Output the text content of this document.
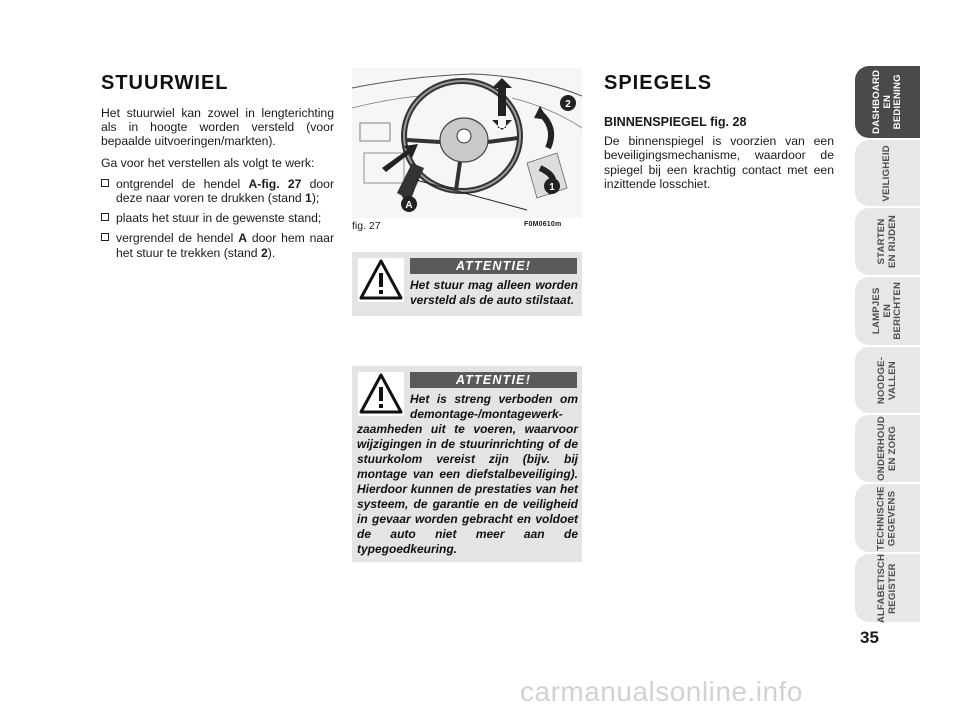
STUURWIEL

Het stuurwiel kan zowel in lengterichting als in hoogte worden versteld (voor bepaalde uitvoeringen/markten).

Ga voor het verstellen als volgt te werk:

ontgrendel de hendel A-fig. 27 door deze naar voren te drukken (stand 1);
plaats het stuur in de gewenste stand;
vergrendel de hendel A door hem naar het stuur te trekken (stand 2).
A
1
2
fig. 27	F0M0610m
ATTENTIE!
Het stuur mag alleen worden versteld als de auto stilstaat.
ATTENTIE!
Het is streng verboden om demontage-/montagewerk-
zaamheden uit te voeren, waarvoor wijzigingen in de stuurinrichting of de stuurkolom vereist zijn (bijv. bij montage van een diefstalbeveiliging). Hierdoor kunnen de prestaties van het systeem, de garantie en de veiligheid in gevaar worden gebracht en voldoet de auto niet meer aan de typegoedkeuring.
SPIEGELS

BINNENSPIEGEL fig. 28

De binnenspiegel is voorzien van een beveiligingsmechanisme, waardoor de spiegel bij een krachtig contact met een inzittende losschiet.

DASHBOARD
EN BEDIENING
VEILIGHEID
STARTEN
EN RIJDEN
LAMPJES
EN BERICHTEN
NOODGE-
VALLEN
ONDERHOUD
EN ZORG
TECHNISCHE
GEGEVENS
ALFABETISCH
REGISTER
35
carmanualsonline.info
